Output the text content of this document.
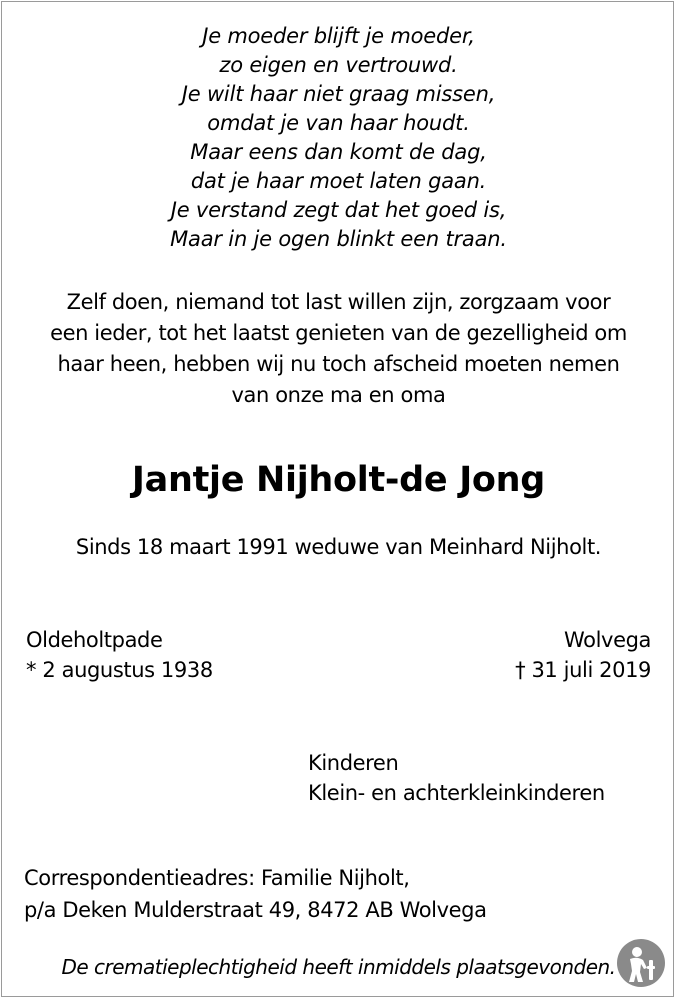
Je moeder blijft je moeder,
zo eigen en vertrouwd.
Je wilt haar niet graag missen,
omdat je van haar houdt.
Maar eens dan komt de dag,
dat je haar moet laten gaan.
Je verstand zegt dat het goed is,
Maar in je ogen blinkt een traan.
Zelf doen, niemand tot last willen zijn, zorgzaam voor
een ieder, tot het laatst genieten van de gezelligheid om
haar heen, hebben wij nu toch afscheid moeten nemen
van onze ma en oma
Jantje Nijholt-de Jong
Sinds 18 maart 1991 weduwe van Meinhard Nijholt.
Oldeholtpade
* 2 augustus 1938
Wolvega
† 31 juli 2019
Kinderen
Klein- en achterkleinkinderen
Correspondentieadres: Familie Nijholt,
p/a Deken Mulderstraat 49, 8472 AB Wolvega
De crematieplechtigheid heeft inmiddels plaatsgevonden.
